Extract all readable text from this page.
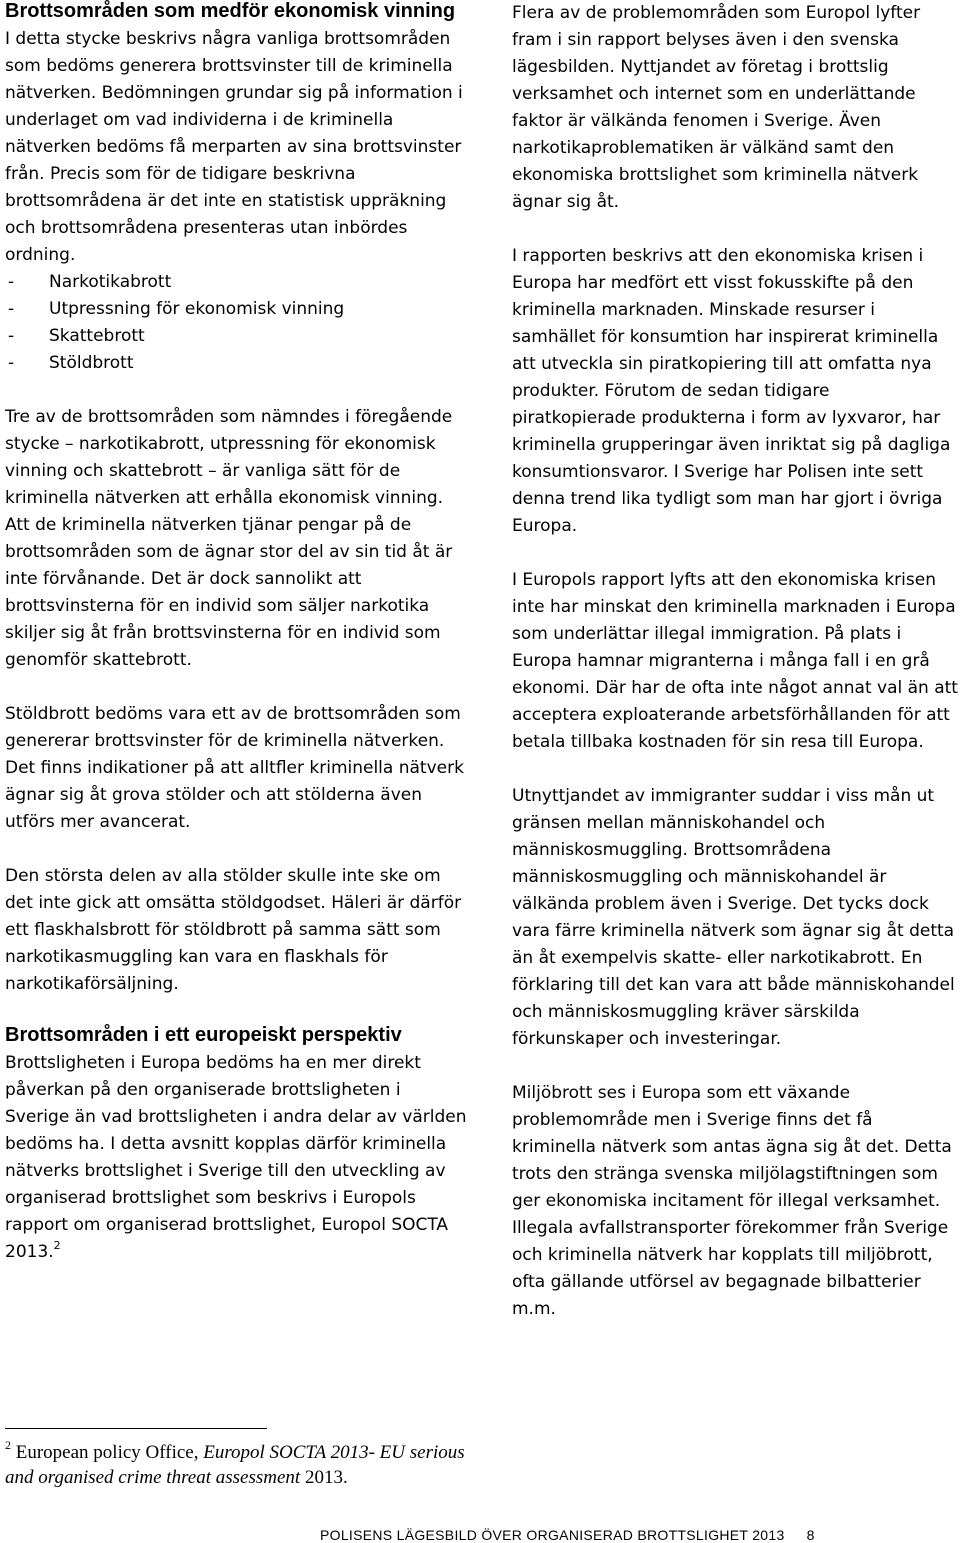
Brottsområden som medför ekonomisk vinning

I detta stycke beskrivs några vanliga brottsområden som bedöms generera brottsvinster till de kriminella nätverken. Bedömningen grundar sig på information i underlaget om vad individerna i de kriminella nätverken bedöms få merparten av sina brottsvinster från. Precis som för de tidigare beskrivna brottsområdena är det inte en statistisk uppräkning och brottsområdena presenteras utan inbördes ordning.

- Narkotikabrott
- Utpressning för ekonomisk vinning
- Skattebrott
- Stöldbrott

Tre av de brottsområden som nämndes i föregående stycke – narkotikabrott, utpressning för ekonomisk vinning och skattebrott – är vanliga sätt för de kriminella nätverken att erhålla ekonomisk vinning. Att de kriminella nätverken tjänar pengar på de brottsområden som de ägnar stor del av sin tid åt är inte förvånande. Det är dock sannolikt att brottsvinsterna för en individ som säljer narkotika skiljer sig åt från brottsvinsterna för en individ som genomför skattebrott.

Stöldbrott bedöms vara ett av de brottsområden som genererar brottsvinster för de kriminella nätverken. Det finns indikationer på att alltfler kriminella nätverk ägnar sig åt grova stölder och att stölderna även utförs mer avancerat.

Den största delen av alla stölder skulle inte ske om det inte gick att omsätta stöldgodset. Häleri är därför ett flaskhalsbrott för stöldbrott på samma sätt som narkotikasmuggling kan vara en flaskhals för narkotikaförsäljning.

Brottsområden i ett europeiskt perspektiv

Brottsligheten i Europa bedöms ha en mer direkt påverkan på den organiserade brottsligheten i Sverige än vad brottsligheten i andra delar av världen bedöms ha. I detta avsnitt kopplas därför kriminella nätverks brottslighet i Sverige till den utveckling av organiserad brottslighet som beskrivs i Europols rapport om organiserad brottslighet, Europol SOCTA 2013.$^2$

Flera av de problemområden som Europol lyfter fram i sin rapport belyses även i den svenska lägesbilden. Nyttjandet av företag i brottslig verksamhet och internet som en underlättande faktor är välkända fenomen i Sverige. Även narkotikaproblematiken är välkänd samt den ekonomiska brottslighet som kriminella nätverk ägnar sig åt.

I rapporten beskrivs att den ekonomiska krisen i Europa har medfört ett visst fokusskifte på den kriminella marknaden. Minskade resurser i samhället för konsumtion har inspirerat kriminella att utveckla sin piratkopiering till att omfatta nya produkter. Förutom de sedan tidigare piratkopierade produkterna i form av lyxvaror, har kriminella grupperingar även inriktat sig på dagliga konsumtionsvaror. I Sverige har Polisen inte sett denna trend lika tydligt som man har gjort i övriga Europa.

I Europols rapport lyfts att den ekonomiska krisen inte har minskat den kriminella marknaden i Europa som underlättar illegal immigration. På plats i Europa hamnar migranterna i många fall i en grå ekonomi. Där har de ofta inte något annat val än att acceptera exploaterande arbetsförhållanden för att betala tillbaka kostnaden för sin resa till Europa.

Utnyttjandet av immigranter suddar i viss mån ut gränsen mellan människohandel och människosmuggling. Brottsområdena människosmuggling och människohandel är välkända problem även i Sverige. Det tycks dock vara färre kriminella nätverk som ägnar sig åt detta än åt exempelvis skatte- eller narkotikabrott. En förklaring till det kan vara att både människohandel och människosmuggling kräver särskilda förkunskaper och investeringar.

Miljöbrott ses i Europa som ett växande problemområde men i Sverige finns det få kriminella nätverk som antas ägna sig åt det. Detta trots den stränga svenska miljölagstiftningen som ger ekonomiska incitament för illegal verksamhet. Illegala avfallstransporter förekommer från Sverige och kriminella nätverk har kopplats till miljöbrott, ofta gällande utförsel av begagnade bilbatterier m.m.

$^2$ European policy Office, Europol SOCTA 2013- EU serious and organised crime threat assessment 2013.
POLISENS LÄGESBILD ÖVER ORGANISERAD BROTTSLIGHET 2013 8
